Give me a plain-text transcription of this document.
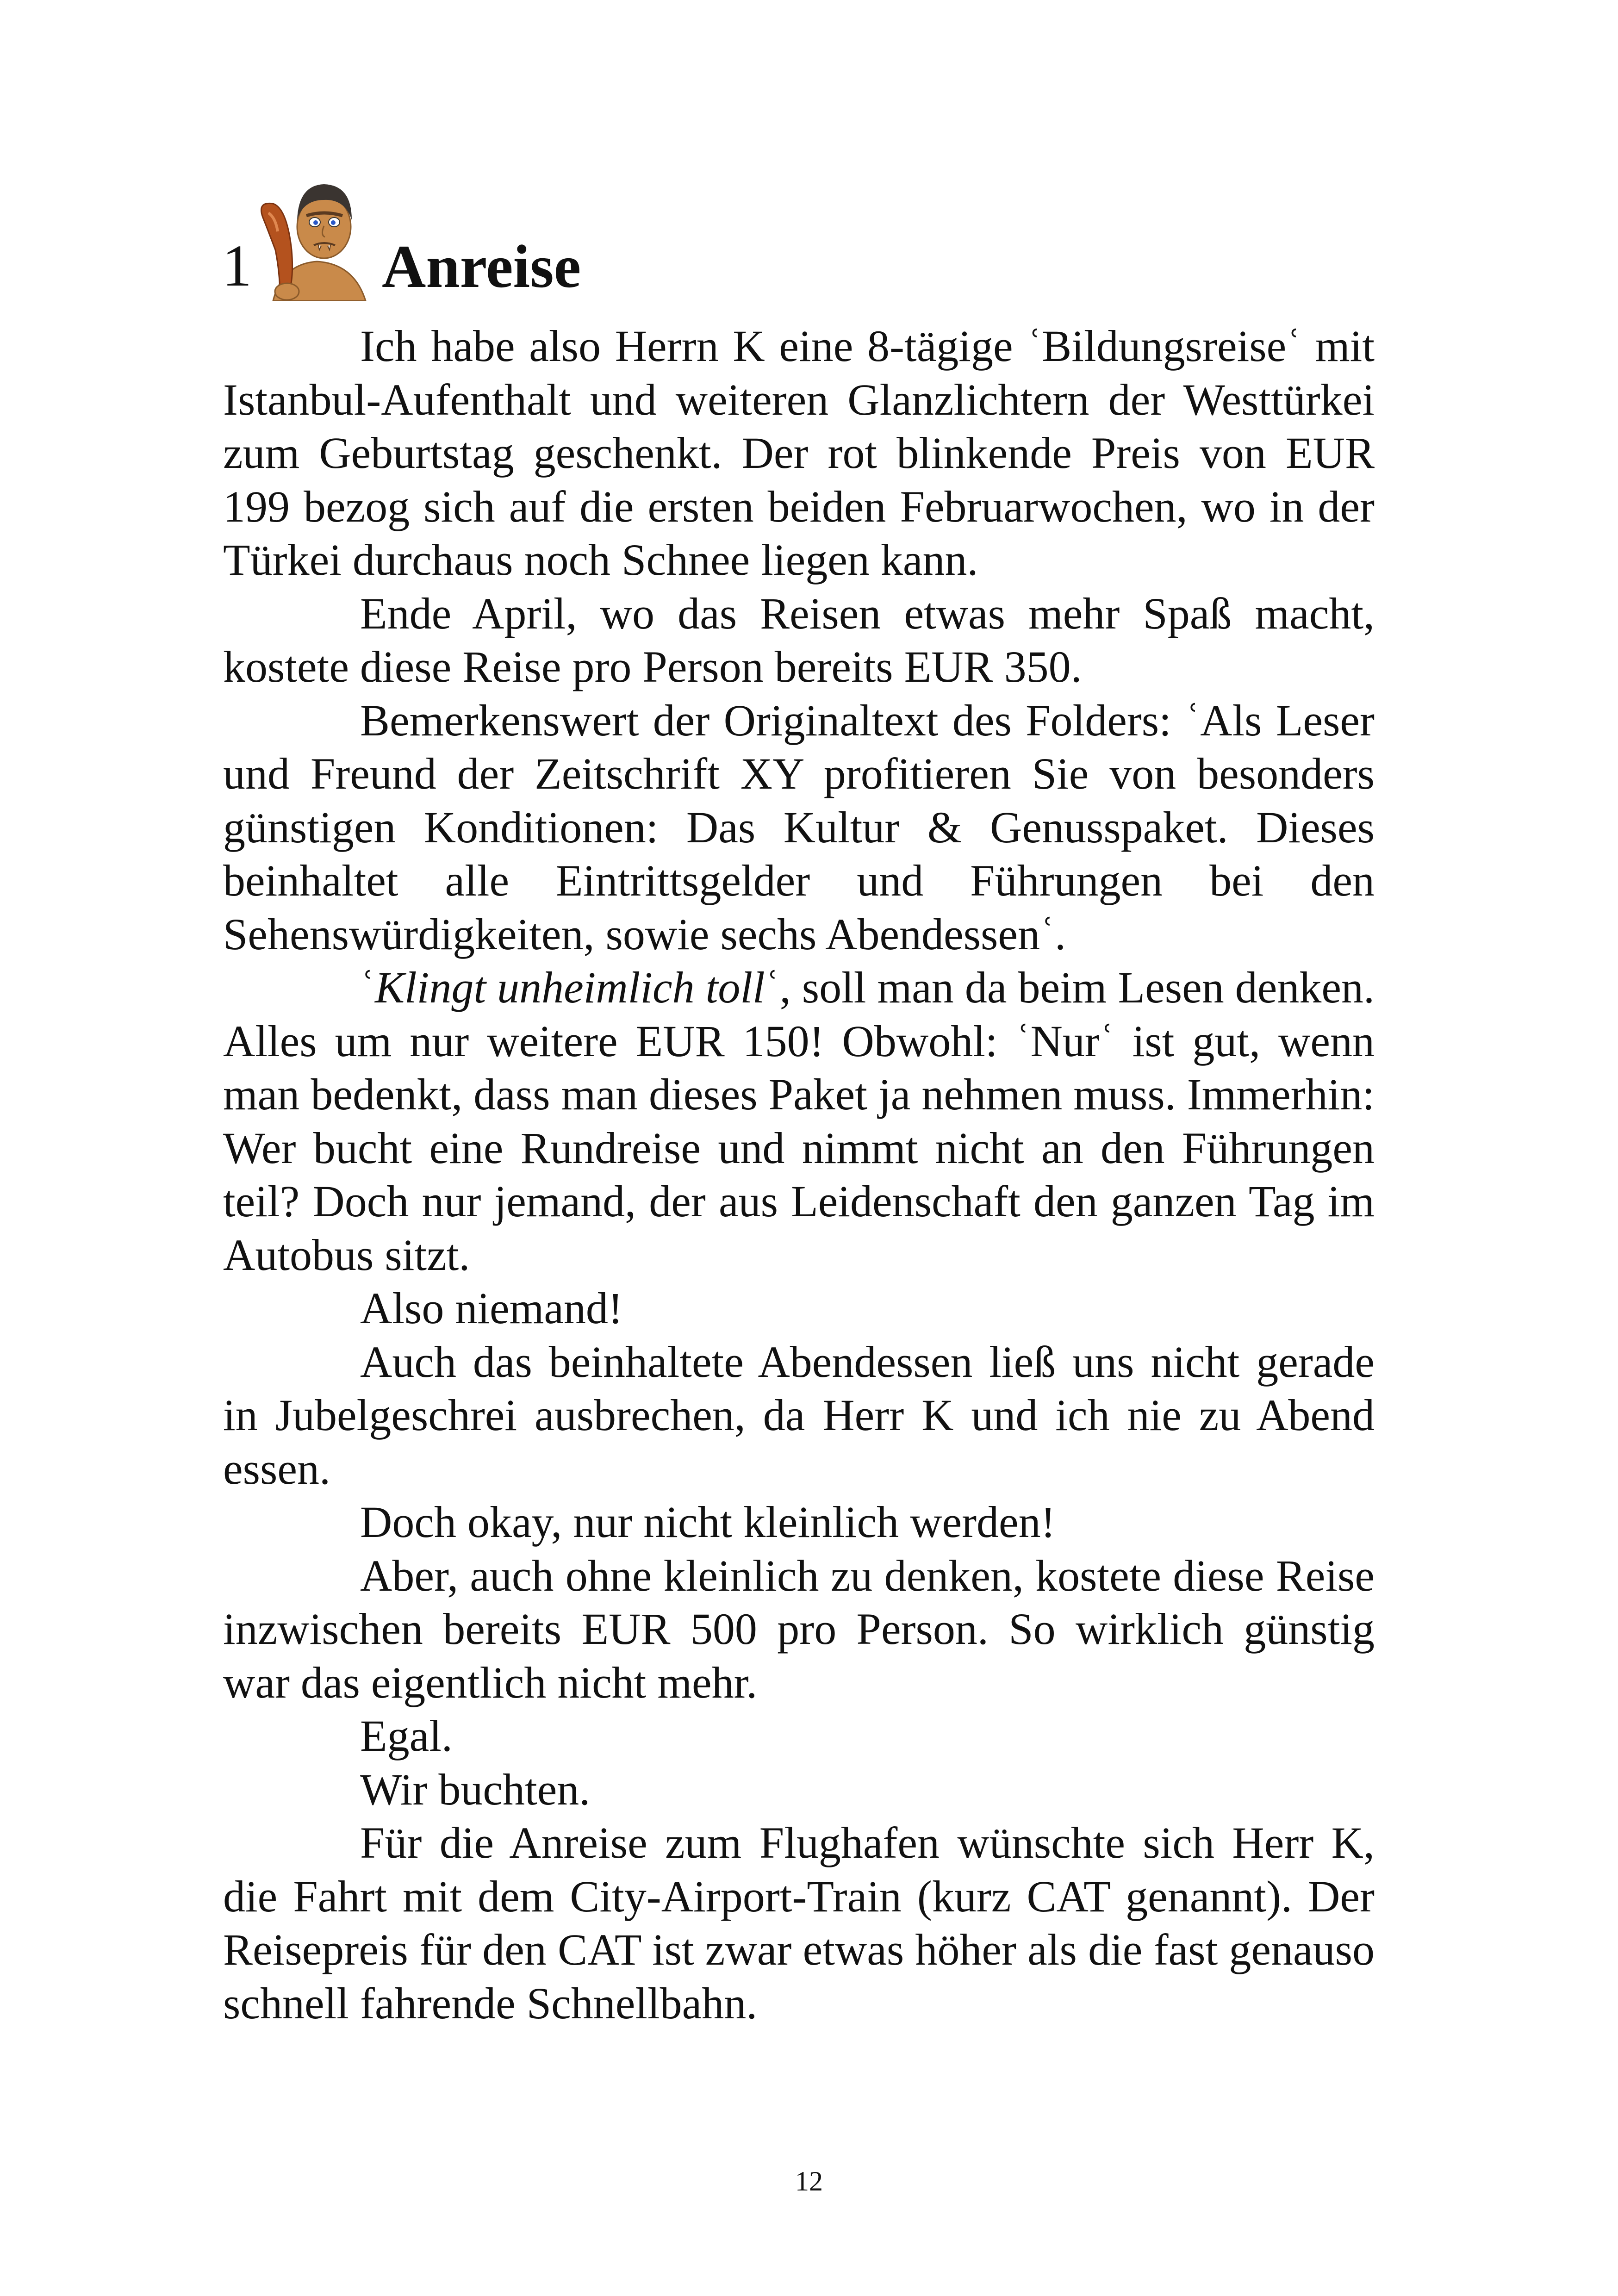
1 Anreise

Ich habe also Herrn K eine 8-tägige ʿBildungsreiseʿ mit Istanbul-Aufenthalt und weiteren Glanzlichtern der Westtürkei zum Geburtstag geschenkt. Der rot blinkende Preis von EUR 199 bezog sich auf die ersten beiden Februarwochen, wo in der Türkei durchaus noch Schnee liegen kann.

Ende April, wo das Reisen etwas mehr Spaß macht, kostete diese Reise pro Person bereits EUR 350.

Bemerkenswert der Originaltext des Folders: ʿAls Leser und Freund der Zeitschrift XY profitieren Sie von besonders günstigen Konditionen: Das Kultur & Genusspaket. Dieses beinhaltet alle Eintrittsgelder und Führungen bei den Sehenswürdigkeiten, sowie sechs Abendessenʿ.

ʿKlingt unheimlich tollʿ, soll man da beim Lesen denken. Alles um nur weitere EUR 150! Obwohl: ʿNurʿ ist gut, wenn man bedenkt, dass man dieses Paket ja nehmen muss. Immerhin: Wer bucht eine Rundreise und nimmt nicht an den Führungen teil? Doch nur jemand, der aus Leidenschaft den ganzen Tag im Autobus sitzt.

Also niemand!

Auch das beinhaltete Abendessen ließ uns nicht gerade in Jubelgeschrei ausbrechen, da Herr K und ich nie zu Abend essen.

Doch okay, nur nicht kleinlich werden!

Aber, auch ohne kleinlich zu denken, kostete diese Reise inzwischen bereits EUR 500 pro Person. So wirklich günstig war das eigentlich nicht mehr.

Egal.

Wir buchten.

Für die Anreise zum Flughafen wünschte sich Herr K, die Fahrt mit dem City-Airport-Train (kurz CAT genannt). Der Reisepreis für den CAT ist zwar etwas höher als die fast genauso schnell fahrende Schnellbahn.

12
